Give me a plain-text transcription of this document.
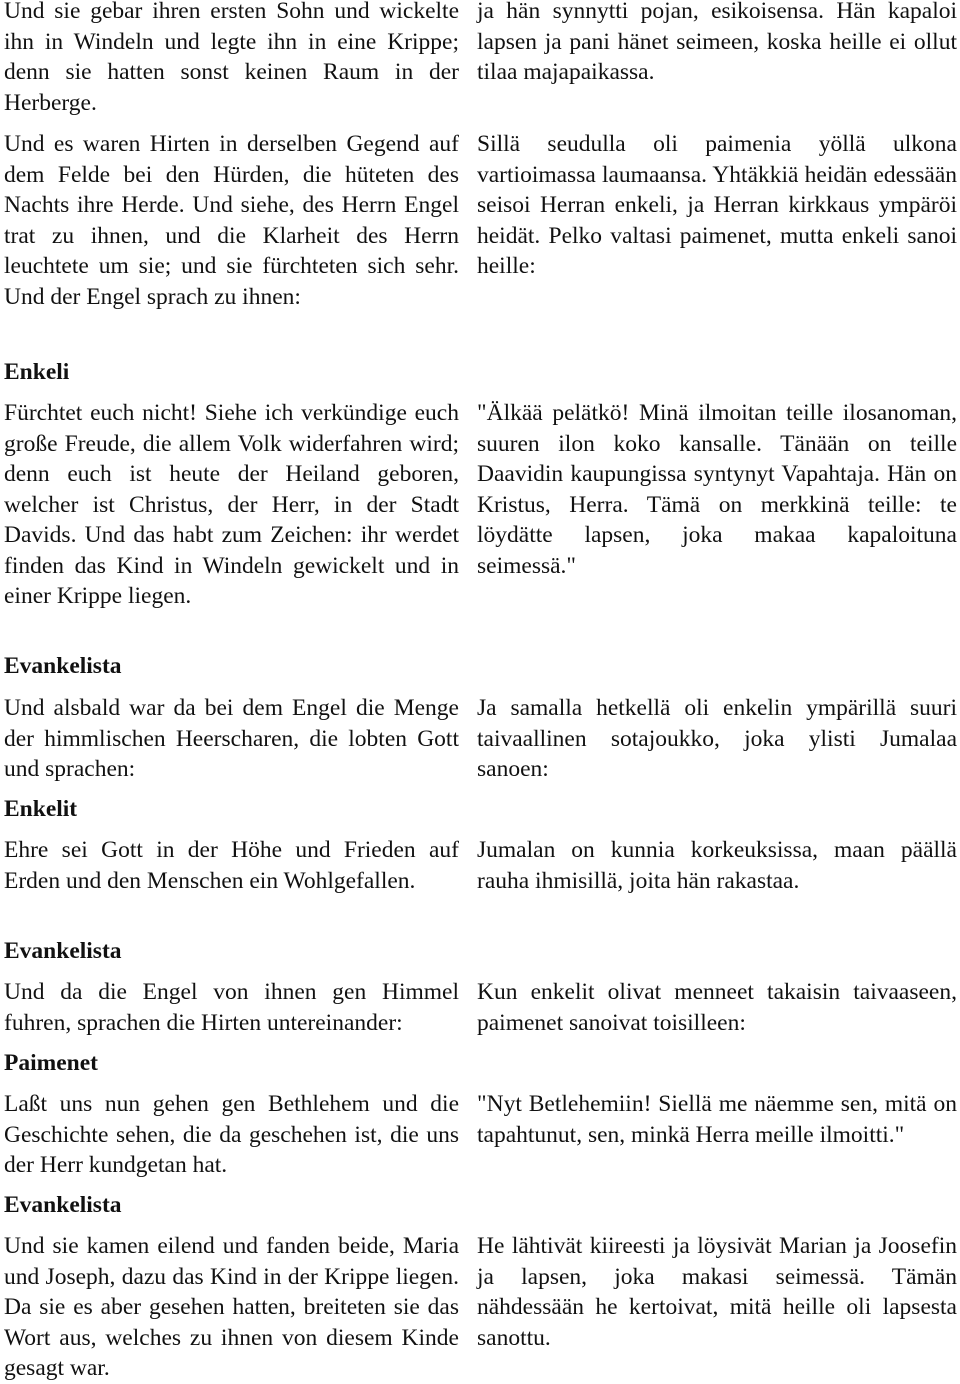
Und sie gebar ihren ersten Sohn und wickelte ihn in Windeln und legte ihn in eine Krippe; denn sie hatten sonst keinen Raum in der Herberge.

Und es waren Hirten in derselben Gegend auf dem Felde bei den Hürden, die hüteten des Nachts ihre Herde. Und siehe, des Herrn Engel trat zu ihnen, und die Klarheit des Herrn leuchtete um sie; und sie fürchteten sich sehr. Und der Engel sprach zu ihnen:

Enkeli

Fürchtet euch nicht! Siehe ich verkündige euch große Freude, die allem Volk widerfahren wird; denn euch ist heute der Heiland geboren, welcher ist Christus, der Herr, in der Stadt Davids. Und das habt zum Zeichen: ihr werdet finden das Kind in Windeln gewickelt und in einer Krippe liegen.

Evankelista

Und alsbald war da bei dem Engel die Menge der himmlischen Heerscharen, die lobten Gott und sprachen:

Enkelit

Ehre sei Gott in der Höhe und Frieden auf Erden und den Menschen ein Wohlgefallen.

Evankelista

Und da die Engel von ihnen gen Himmel fuhren, sprachen die Hirten untereinander:

Paimenet

Laßt uns nun gehen gen Bethlehem und die Geschichte sehen, die da geschehen ist, die uns der Herr kundgetan hat.

Evankelista

Und sie kamen eilend und fanden beide, Maria und Joseph, dazu das Kind in der Krippe liegen. Da sie es aber gesehen hatten, breiteten sie das Wort aus, welches zu ihnen von diesem Kinde gesagt war.

ja hän synnytti pojan, esikoisensa. Hän kapaloi lapsen ja pani hänet seimeen, koska heille ei ollut tilaa majapaikassa.

Sillä seudulla oli paimenia yöllä ulkona vartioimassa laumaansa. Yhtäkkiä heidän edessään seisoi Herran enkeli, ja Herran kirkkaus ympäröi heidät. Pelko valtasi paimenet, mutta enkeli sanoi heille:

"Älkää pelätkö! Minä ilmoitan teille ilosanoman, suuren ilon koko kansalle. Tänään on teille Daavidin kaupungissa syntynyt Vapahtaja. Hän on Kristus, Herra. Tämä on merkkinä teille: te löydätte lapsen, joka makaa kapaloituna seimessä."

Ja samalla hetkellä oli enkelin ympärillä suuri taivaallinen sotajoukko, joka ylisti Jumalaa sanoen:

Jumalan on kunnia korkeuksissa, maan päällä rauha ihmisillä, joita hän rakastaa.

Kun enkelit olivat menneet takaisin taivaaseen, paimenet sanoivat toisilleen:

"Nyt Betlehemiin! Siellä me näemme sen, mitä on tapahtunut, sen, minkä Herra meille ilmoitti."

He lähtivät kiireesti ja löysivät Marian ja Joosefin ja lapsen, joka makasi seimessä. Tämän nähdessään he kertoivat, mitä heille oli lapsesta sanottu.
